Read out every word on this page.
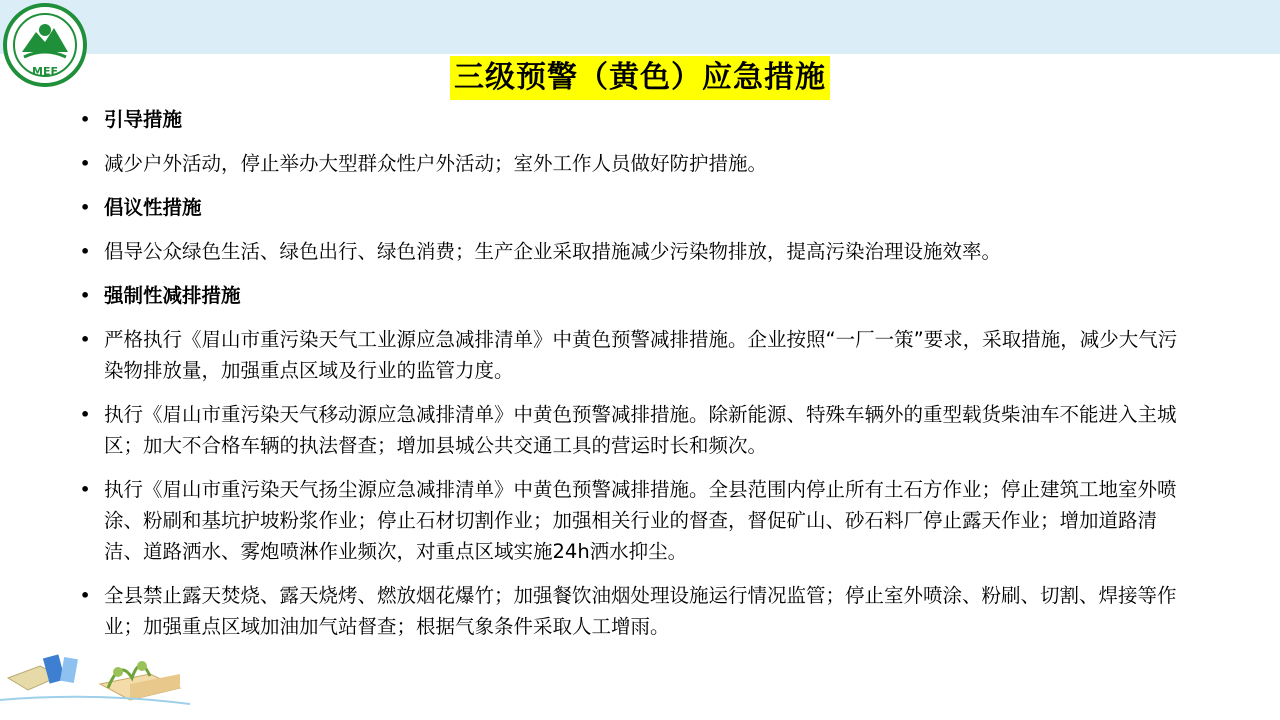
MEE	三级预警（黄色）应急措施
• 引导措施
• 减少户外活动，停止举办大型群众性户外活动；室外工作人员做好防护措施。
• 倡议性措施
• 倡导公众绿色生活、绿色出行、绿色消费；生产企业采取措施减少污染物排放，提高污染治理设施效率。
• 强制性减排措施
• 严格执行《眉山市重污染天气工业源应急减排清单》中黄色预警减排措施。企业按照“一厂一策”要求，采取措施，减少大气污染物排放量，加强重点区域及行业的监管力度。
• 执行《眉山市重污染天气移动源应急减排清单》中黄色预警减排措施。除新能源、特殊车辆外的重型载货柴油车不能进入主城区；加大不合格车辆的执法督查；增加县城公共交通工具的营运时长和频次。
• 执行《眉山市重污染天气扬尘源应急减排清单》中黄色预警减排措施。全县范围内停止所有土石方作业；停止建筑工地室外喷涂、粉刷和基坑护坡粉浆作业；停止石材切割作业；加强相关行业的督查，督促矿山、砂石料厂停止露天作业；增加道路清洁、道路洒水、雾炮喷淋作业频次，对重点区域实施24h洒水抑尘。
• 全县禁止露天焚烧、露天烧烤、燃放烟花爆竹；加强餐饮油烟处理设施运行情况监管；停止室外喷涂、粉刷、切割、焊接等作业；加强重点区域加油加气站督查；根据气象条件采取人工增雨。
